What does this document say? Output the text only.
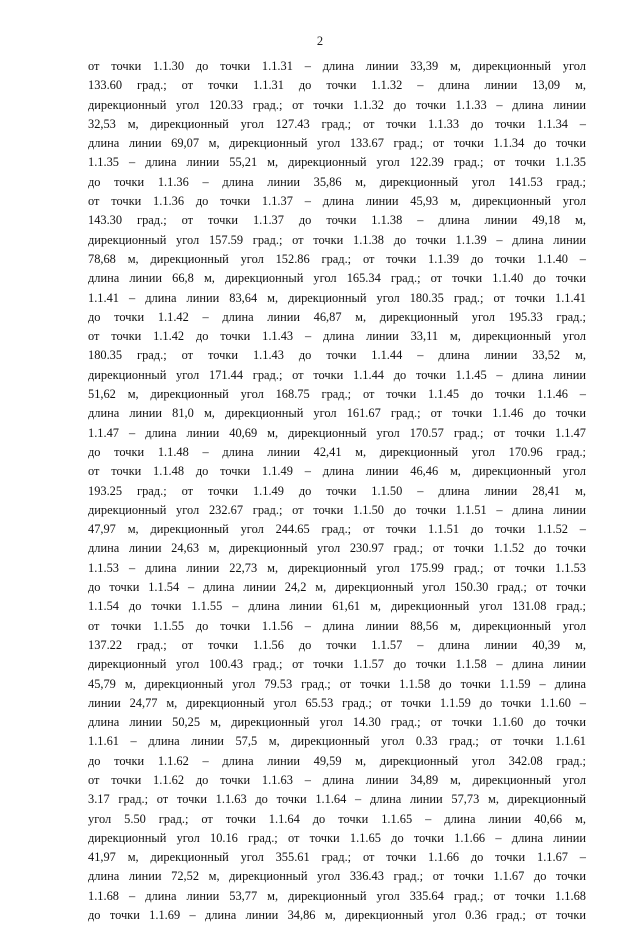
2
от точки 1.1.30 до точки 1.1.31 – длина линии 33,39 м, дирекционный угол
133.60 град.; от точки 1.1.31 до точки 1.1.32 – длина линии 13,09 м,
дирекционный угол 120.33 град.; от точки 1.1.32 до точки 1.1.33 – длина линии
32,53 м, дирекционный угол 127.43 град.; от точки 1.1.33 до точки 1.1.34 –
длина линии 69,07 м, дирекционный угол 133.67 град.; от точки 1.1.34 до точки
1.1.35 – длина линии 55,21 м, дирекционный угол 122.39 град.; от точки 1.1.35
до точки 1.1.36 – длина линии 35,86 м, дирекционный угол 141.53 град.;
от точки 1.1.36 до точки 1.1.37 – длина линии 45,93 м, дирекционный угол
143.30 град.; от точки 1.1.37 до точки 1.1.38 – длина линии 49,18 м,
дирекционный угол 157.59 град.; от точки 1.1.38 до точки 1.1.39 – длина линии
78,68 м, дирекционный угол 152.86 град.; от точки 1.1.39 до точки 1.1.40 –
длина линии 66,8 м, дирекционный угол 165.34 град.; от точки 1.1.40 до точки
1.1.41 – длина линии 83,64 м, дирекционный угол 180.35 град.; от точки 1.1.41
до точки 1.1.42 – длина линии 46,87 м, дирекционный угол 195.33 град.;
от точки 1.1.42 до точки 1.1.43 – длина линии 33,11 м, дирекционный угол
180.35 град.; от точки 1.1.43 до точки 1.1.44 – длина линии 33,52 м,
дирекционный угол 171.44 град.; от точки 1.1.44 до точки 1.1.45 – длина линии
51,62 м, дирекционный угол 168.75 град.; от точки 1.1.45 до точки 1.1.46 –
длина линии 81,0 м, дирекционный угол 161.67 град.; от точки 1.1.46 до точки
1.1.47 – длина линии 40,69 м, дирекционный угол 170.57 град.; от точки 1.1.47
до точки 1.1.48 – длина линии 42,41 м, дирекционный угол 170.96 град.;
от точки 1.1.48 до точки 1.1.49 – длина линии 46,46 м, дирекционный угол
193.25 град.; от точки 1.1.49 до точки 1.1.50 – длина линии 28,41 м,
дирекционный угол 232.67 град.; от точки 1.1.50 до точки 1.1.51 – длина линии
47,97 м, дирекционный угол 244.65 град.; от точки 1.1.51 до точки 1.1.52 –
длина линии 24,63 м, дирекционный угол 230.97 град.; от точки 1.1.52 до точки
1.1.53 – длина линии 22,73 м, дирекционный угол 175.99 град.; от точки 1.1.53
до точки 1.1.54 – длина линии 24,2 м, дирекционный угол 150.30 град.; от точки
1.1.54 до точки 1.1.55 – длина линии 61,61 м, дирекционный угол 131.08 град.;
от точки 1.1.55 до точки 1.1.56 – длина линии 88,56 м, дирекционный угол
137.22 град.; от точки 1.1.56 до точки 1.1.57 – длина линии 40,39 м,
дирекционный угол 100.43 град.; от точки 1.1.57 до точки 1.1.58 – длина линии
45,79 м, дирекционный угол 79.53 град.; от точки 1.1.58 до точки 1.1.59 – длина
линии 24,77 м, дирекционный угол 65.53 град.; от точки 1.1.59 до точки 1.1.60 –
длина линии 50,25 м, дирекционный угол 14.30 град.; от точки 1.1.60 до точки
1.1.61 – длина линии 57,5 м, дирекционный угол 0.33 град.; от точки 1.1.61
до точки 1.1.62 – длина линии 49,59 м, дирекционный угол 342.08 град.;
от точки 1.1.62 до точки 1.1.63 – длина линии 34,89 м, дирекционный угол
3.17 град.; от точки 1.1.63 до точки 1.1.64 – длина линии 57,73 м, дирекционный
угол 5.50 град.; от точки 1.1.64 до точки 1.1.65 – длина линии 40,66 м,
дирекционный угол 10.16 град.; от точки 1.1.65 до точки 1.1.66 – длина линии
41,97 м, дирекционный угол 355.61 град.; от точки 1.1.66 до точки 1.1.67 –
длина линии 72,52 м, дирекционный угол 336.43 град.; от точки 1.1.67 до точки
1.1.68 – длина линии 53,77 м, дирекционный угол 335.64 град.; от точки 1.1.68
до точки 1.1.69 – длина линии 34,86 м, дирекционный угол 0.36 град.; от точки
